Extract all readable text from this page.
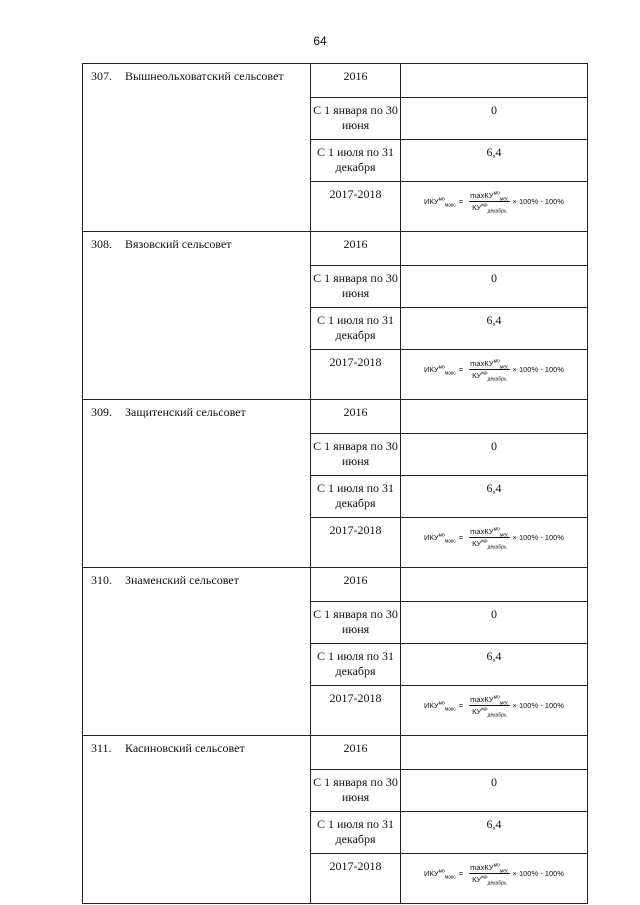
64
307. Вышнеольховатский сельсовет	2016	
	С 1 января по 30 июня	0
	С 1 июля по 31 декабря	6,4
	2017-2018	$ИКУ^{мо}_{макс} = \frac{\max КУ^{мо}_{мес}}{КУ^{мо}_{декабрь}} \times 100\% - 100\%$

308. Вязовский сельсовет	2016	
	С 1 января по 30 июня	0
	С 1 июля по 31 декабря	6,4
	2017-2018	$ИКУ^{мо}_{макс} = \frac{\max КУ^{мо}_{мес}}{КУ^{мо}_{декабрь}} \times 100\% - 100\%$

309. Защитенский сельсовет	2016	
	С 1 января по 30 июня	0
	С 1 июля по 31 декабря	6,4
	2017-2018	$ИКУ^{мо}_{макс} = \frac{\max КУ^{мо}_{мес}}{КУ^{мо}_{декабрь}} \times 100\% - 100\%$

310. Знаменский сельсовет	2016	
	С 1 января по 30 июня	0
	С 1 июля по 31 декабря	6,4
	2017-2018	$ИКУ^{мо}_{макс} = \frac{\max КУ^{мо}_{мес}}{КУ^{мо}_{декабрь}} \times 100\% - 100\%$

311. Касиновский сельсовет	2016	
	С 1 января по 30 июня	0
	С 1 июля по 31 декабря	6,4
	2017-2018	$ИКУ^{мо}_{макс} = \frac{\max КУ^{мо}_{мес}}{КУ^{мо}_{декабрь}} \times 100\% - 100\%$
